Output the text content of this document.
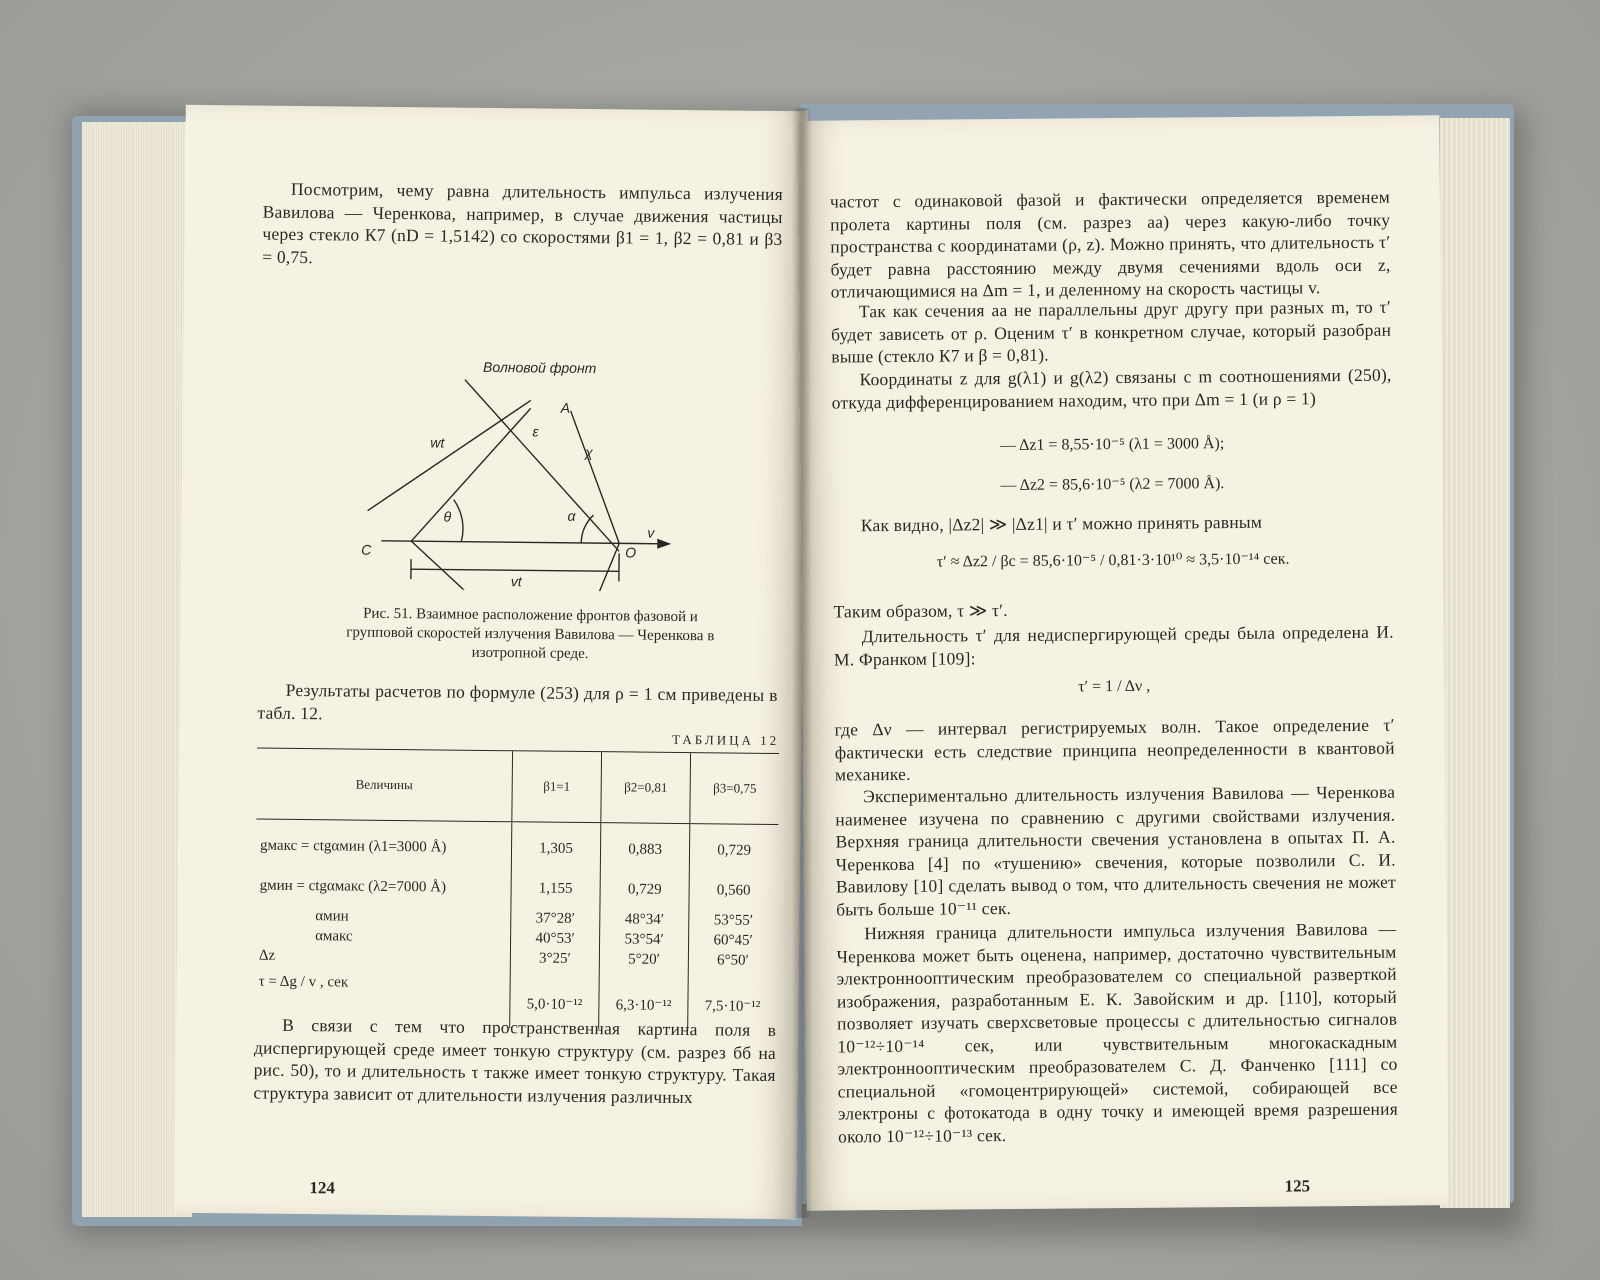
Посмотрим, чему равна длительность импульса излучения Вавилова — Черенкова, например, в случае движения частицы через стекло К7 (nD = 1,5142) со скоростями β1 = 1, β2 = 0,81 и β3 = 0,75.

Волновой фронт
wt
vt
v
θ	α
χ
ε
A
C	O

Рис. 51. Взаимное расположение фронтов фазовой и групповой скоростей излучения Вавилова — Черенкова в изотропной среде.

Результаты расчетов по формуле (253) для ρ = 1 см приведены в табл. 12.

ТАБЛИЦА 12
Величины	β1=1	β2=0,81	β3=0,75
gмакс = ctgαмин (λ1=3000 Å)	1,305	0,883	0,729
gмин = ctgαмакс (λ2=7000 Å)	1,155	0,729	0,560
αмин	37°28′	48°34′	53°55′
αмакс	40°53′	53°54′	60°45′
Δz	3°25′	5°20′	6°50′
τ = Δg / v , сек	5,0·10⁻¹²	6,3·10⁻¹²	7,5·10⁻¹²

В связи с тем что пространственная картина поля в диспергирующей среде имеет тонкую структуру (см. разрез бб на рис. 50), то и длительность τ также имеет тонкую структуру. Такая структура зависит от длительности излучения различных

124

частот с одинаковой фазой и фактически определяется временем пролета картины поля (см. разрез аа) через какую-либо точку пространства с координатами (ρ, z). Можно принять, что длительность τ′ будет равна расстоянию между двумя сечениями вдоль оси z, отличающимися на Δm = 1, и деленному на скорость частицы v.

Так как сечения аа не параллельны друг другу при разных m, то τ′ будет зависеть от ρ. Оценим τ′ в конкретном случае, который разобран выше (стекло К7 и β = 0,81).

Координаты z для g(λ1) и g(λ2) связаны с m соотношениями (250), откуда дифференцированием находим, что при Δm = 1 (и ρ = 1)

— Δz1 = 8,55·10⁻⁵ (λ1 = 3000 Å);

— Δz2 = 85,6·10⁻⁵ (λ2 = 7000 Å).

Как видно, |Δz2| ≫ |Δz1| и τ′ можно принять равным

τ′ ≈ Δz2 / βc = 85,6·10⁻⁵ / 0,81·3·10¹⁰ ≈ 3,5·10⁻¹⁴ сек.

Таким образом, τ ≫ τ′.

Длительность τ′ для недиспергирующей среды была определена И. М. Франком [109]:

τ′ = 1 / Δν ,

где Δν — интервал регистрируемых волн. Такое определение τ′ фактически есть следствие принципа неопределенности в квантовой механике.

Экспериментально длительность излучения Вавилова — Черенкова наименее изучена по сравнению с другими свойствами излучения. Верхняя граница длительности свечения установлена в опытах П. А. Черенкова [4] по «тушению» свечения, которые позволили С. И. Вавилову [10] сделать вывод о том, что длительность свечения не может быть больше 10⁻¹¹ сек.

Нижняя граница длительности импульса излучения Вавилова — Черенкова может быть оценена, например, достаточно чувствительным электроннооптическим преобразователем со специальной разверткой изображения, разработанным Е. К. Завойским и др. [110], который позволяет изучать сверхсветовые процессы с длительностью сигналов 10⁻¹²÷10⁻¹⁴ сек, или чувствительным многокаскадным электроннооптическим преобразователем С. Д. Фанченко [111] со специальной «гомоцентрирующей» системой, собирающей все электроны с фотокатода в одну точку и имеющей время разрешения около 10⁻¹²÷10⁻¹³ сек.

125
